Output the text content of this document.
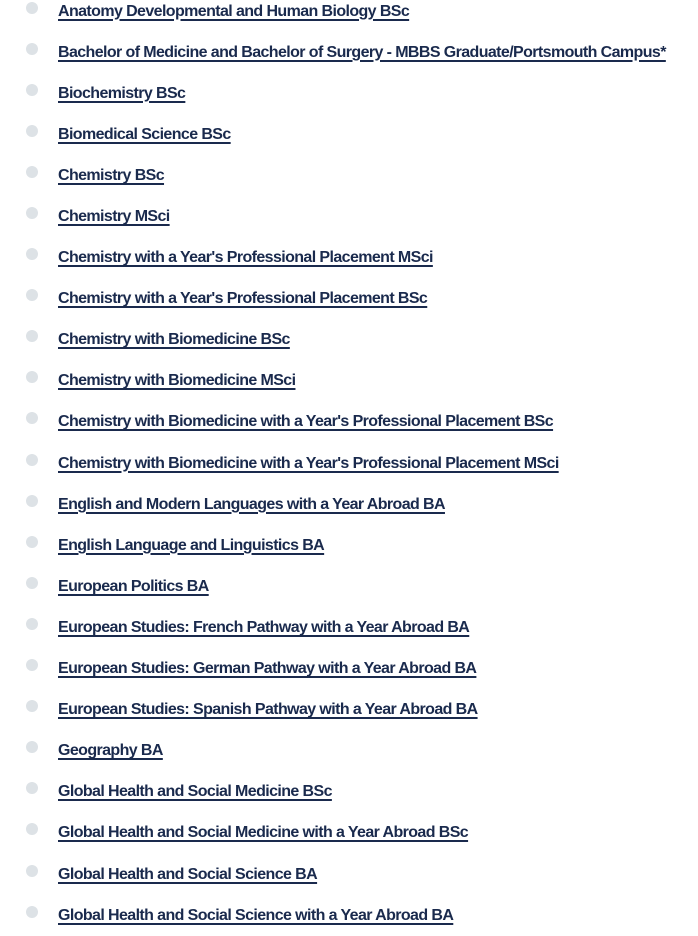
Anatomy Developmental and Human Biology BSc
Bachelor of Medicine and Bachelor of Surgery - MBBS Graduate/Portsmouth Campus*
Biochemistry BSc
Biomedical Science BSc
Chemistry BSc
Chemistry MSci
Chemistry with a Year's Professional Placement MSci
Chemistry with a Year's Professional Placement BSc
Chemistry with Biomedicine BSc
Chemistry with Biomedicine MSci
Chemistry with Biomedicine with a Year's Professional Placement BSc
Chemistry with Biomedicine with a Year's Professional Placement MSci
English and Modern Languages with a Year Abroad BA
English Language and Linguistics BA
European Politics BA
European Studies: French Pathway with a Year Abroad BA
European Studies: German Pathway with a Year Abroad BA
European Studies: Spanish Pathway with a Year Abroad BA
Geography BA
Global Health and Social Medicine BSc
Global Health and Social Medicine with a Year Abroad BSc
Global Health and Social Science BA
Global Health and Social Science with a Year Abroad BA
